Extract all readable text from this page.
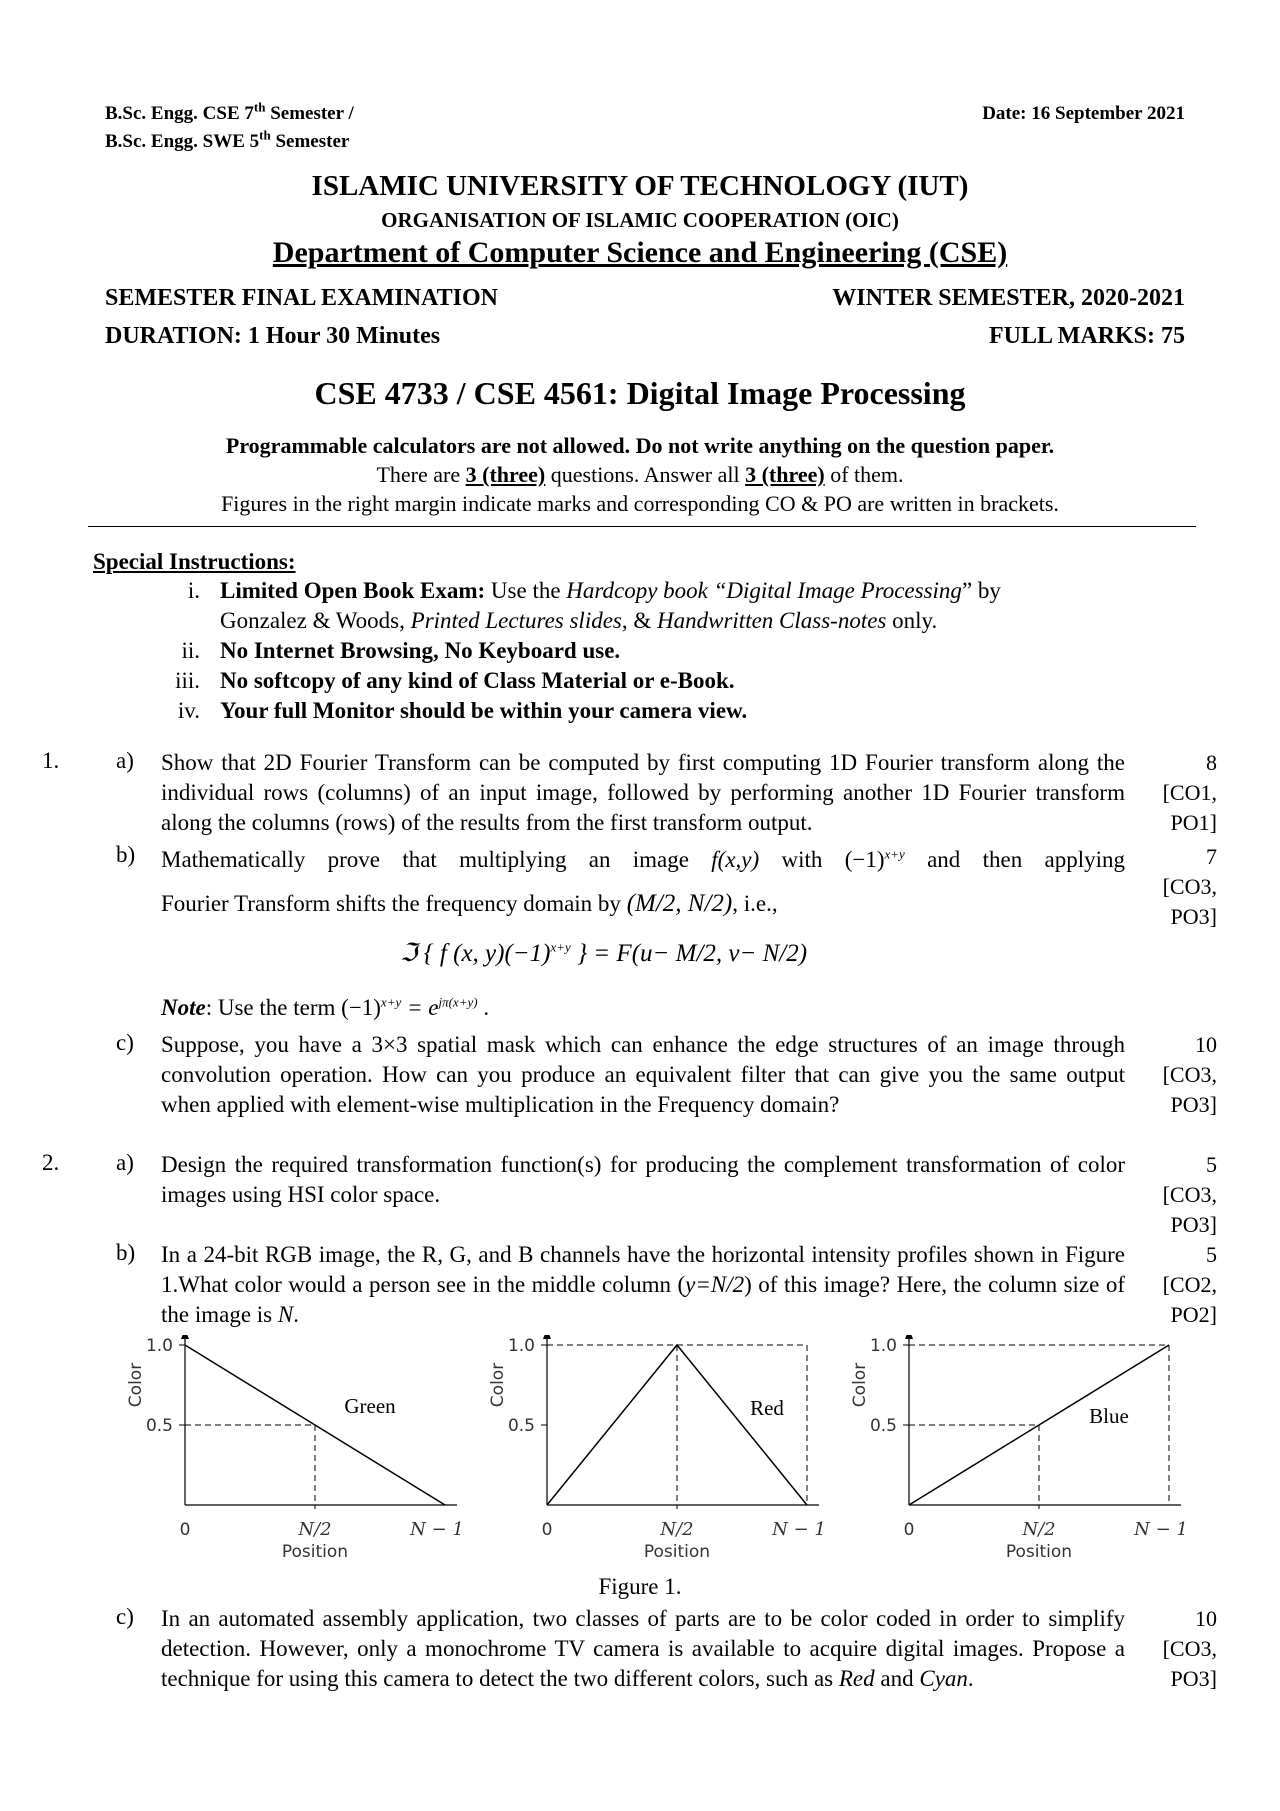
B.Sc. Engg. CSE 7th Semester /
B.Sc. Engg. SWE 5th Semester
Date: 16 September 2021
ISLAMIC UNIVERSITY OF TECHNOLOGY (IUT)
ORGANISATION OF ISLAMIC COOPERATION (OIC)
Department of Computer Science and Engineering (CSE)
SEMESTER FINAL EXAMINATION	WINTER SEMESTER, 2020-2021
DURATION: 1 Hour 30 Minutes	FULL MARKS: 75
CSE 4733 / CSE 4561: Digital Image Processing
Programmable calculators are not allowed. Do not write anything on the question paper.
There are 3 (three) questions. Answer all 3 (three) of them.
Figures in the right margin indicate marks and corresponding CO & PO are written in brackets.
Special Instructions:
i. Limited Open Book Exam: Use the Hardcopy book “Digital Image Processing” by
Gonzalez & Woods, Printed Lectures slides, & Handwritten Class-notes only.
ii. No Internet Browsing, No Keyboard use.
iii. No softcopy of any kind of Class Material or e-Book.
iv. Your full Monitor should be within your camera view.
1. a) Show that 2D Fourier Transform can be computed by first computing 1D Fourier transform along the individual rows (columns) of an input image, followed by performing another 1D Fourier transform along the columns (rows) of the results from the first transform output.
8
[CO1,
PO1]
b) Mathematically prove that multiplying an image f(x,y) with $(-1)^{x+y}$ and then applying
Fourier Transform shifts the frequency domain by (M/2, N/2), i.e.,
7
[CO3,
PO3]
ℑ { f (x, $y)(-1)^{x+y}$ } = F(u− M/2, v− N/2)
Note: Use the term $(-1)^{x+y} = e^{j\pi(x+y)}$ .
c) Suppose, you have a 3×3 spatial mask which can enhance the edge structures of an image through convolution operation. How can you produce an equivalent filter that can give you the same output when applied with element-wise multiplication in the Frequency domain?
10
[CO3,
PO3]
2. a) Design the required transformation function(s) for producing the complement transformation of color images using HSI color space.
5
[CO3,
PO3]
b) In a 24-bit RGB image, the R, G, and B channels have the horizontal intensity profiles shown in Figure 1.What color would a person see in the middle column (y=N/2) of this image? Here, the column size of the image is N.
5
[CO2,
PO2]
1.0
0.5
0	N/2	N − 1
Position
Color	Green
1.0
0.5
0	N/2	N − 1
Position
Color
Red
1.0
0.5
0	N/2	N − 1
Position
Color
Blue
Figure 1.
c) In an automated assembly application, two classes of parts are to be color coded in order to simplify detection. However, only a monochrome TV camera is available to acquire digital images. Propose a technique for using this camera to detect the two different colors, such as Red and Cyan.
10
[CO3,
PO3]
